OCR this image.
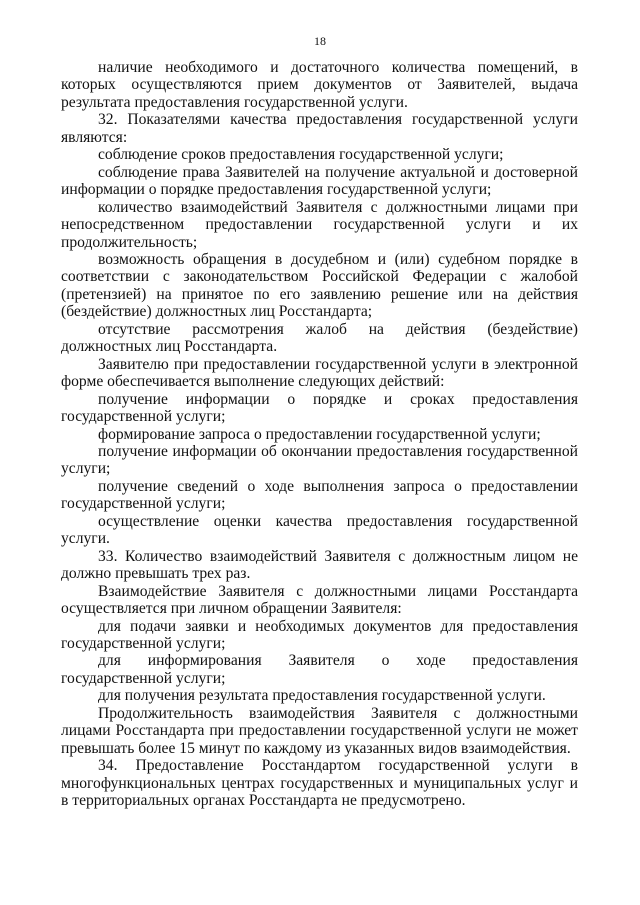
18

наличие необходимого и достаточного количества помещений, в которых осуществляются прием документов от Заявителей, выдача результата предоставления государственной услуги.

32. Показателями качества предоставления государственной услуги являются:

соблюдение сроков предоставления государственной услуги;

соблюдение права Заявителей на получение актуальной и достоверной информации о порядке предоставления государственной услуги;

количество взаимодействий Заявителя с должностными лицами при непосредственном предоставлении государственной услуги и их продолжительность;

возможность обращения в досудебном и (или) судебном порядке в соответствии с законодательством Российской Федерации с жалобой (претензией) на принятое по его заявлению решение или на действия (бездействие) должностных лиц Росстандарта;

отсутствие рассмотрения жалоб на действия (бездействие) должностных лиц Росстандарта.

Заявителю при предоставлении государственной услуги в электронной форме обеспечивается выполнение следующих действий:

получение информации о порядке и сроках предоставления государственной услуги;

формирование запроса о предоставлении государственной услуги;

получение информации об окончании предоставления государственной услуги;

получение сведений о ходе выполнения запроса о предоставлении государственной услуги;

осуществление оценки качества предоставления государственной услуги.

33. Количество взаимодействий Заявителя с должностным лицом не должно превышать трех раз.

Взаимодействие Заявителя с должностными лицами Росстандарта осуществляется при личном обращении Заявителя:

для подачи заявки и необходимых документов для предоставления государственной услуги;

для информирования Заявителя о ходе предоставления государственной услуги;

для получения результата предоставления государственной услуги.

Продолжительность взаимодействия Заявителя с должностными лицами Росстандарта при предоставлении государственной услуги не может превышать более 15 минут по каждому из указанных видов взаимодействия.

34. Предоставление Росстандартом государственной услуги в многофункциональных центрах государственных и муниципальных услуг и в территориальных органах Росстандарта не предусмотрено.
